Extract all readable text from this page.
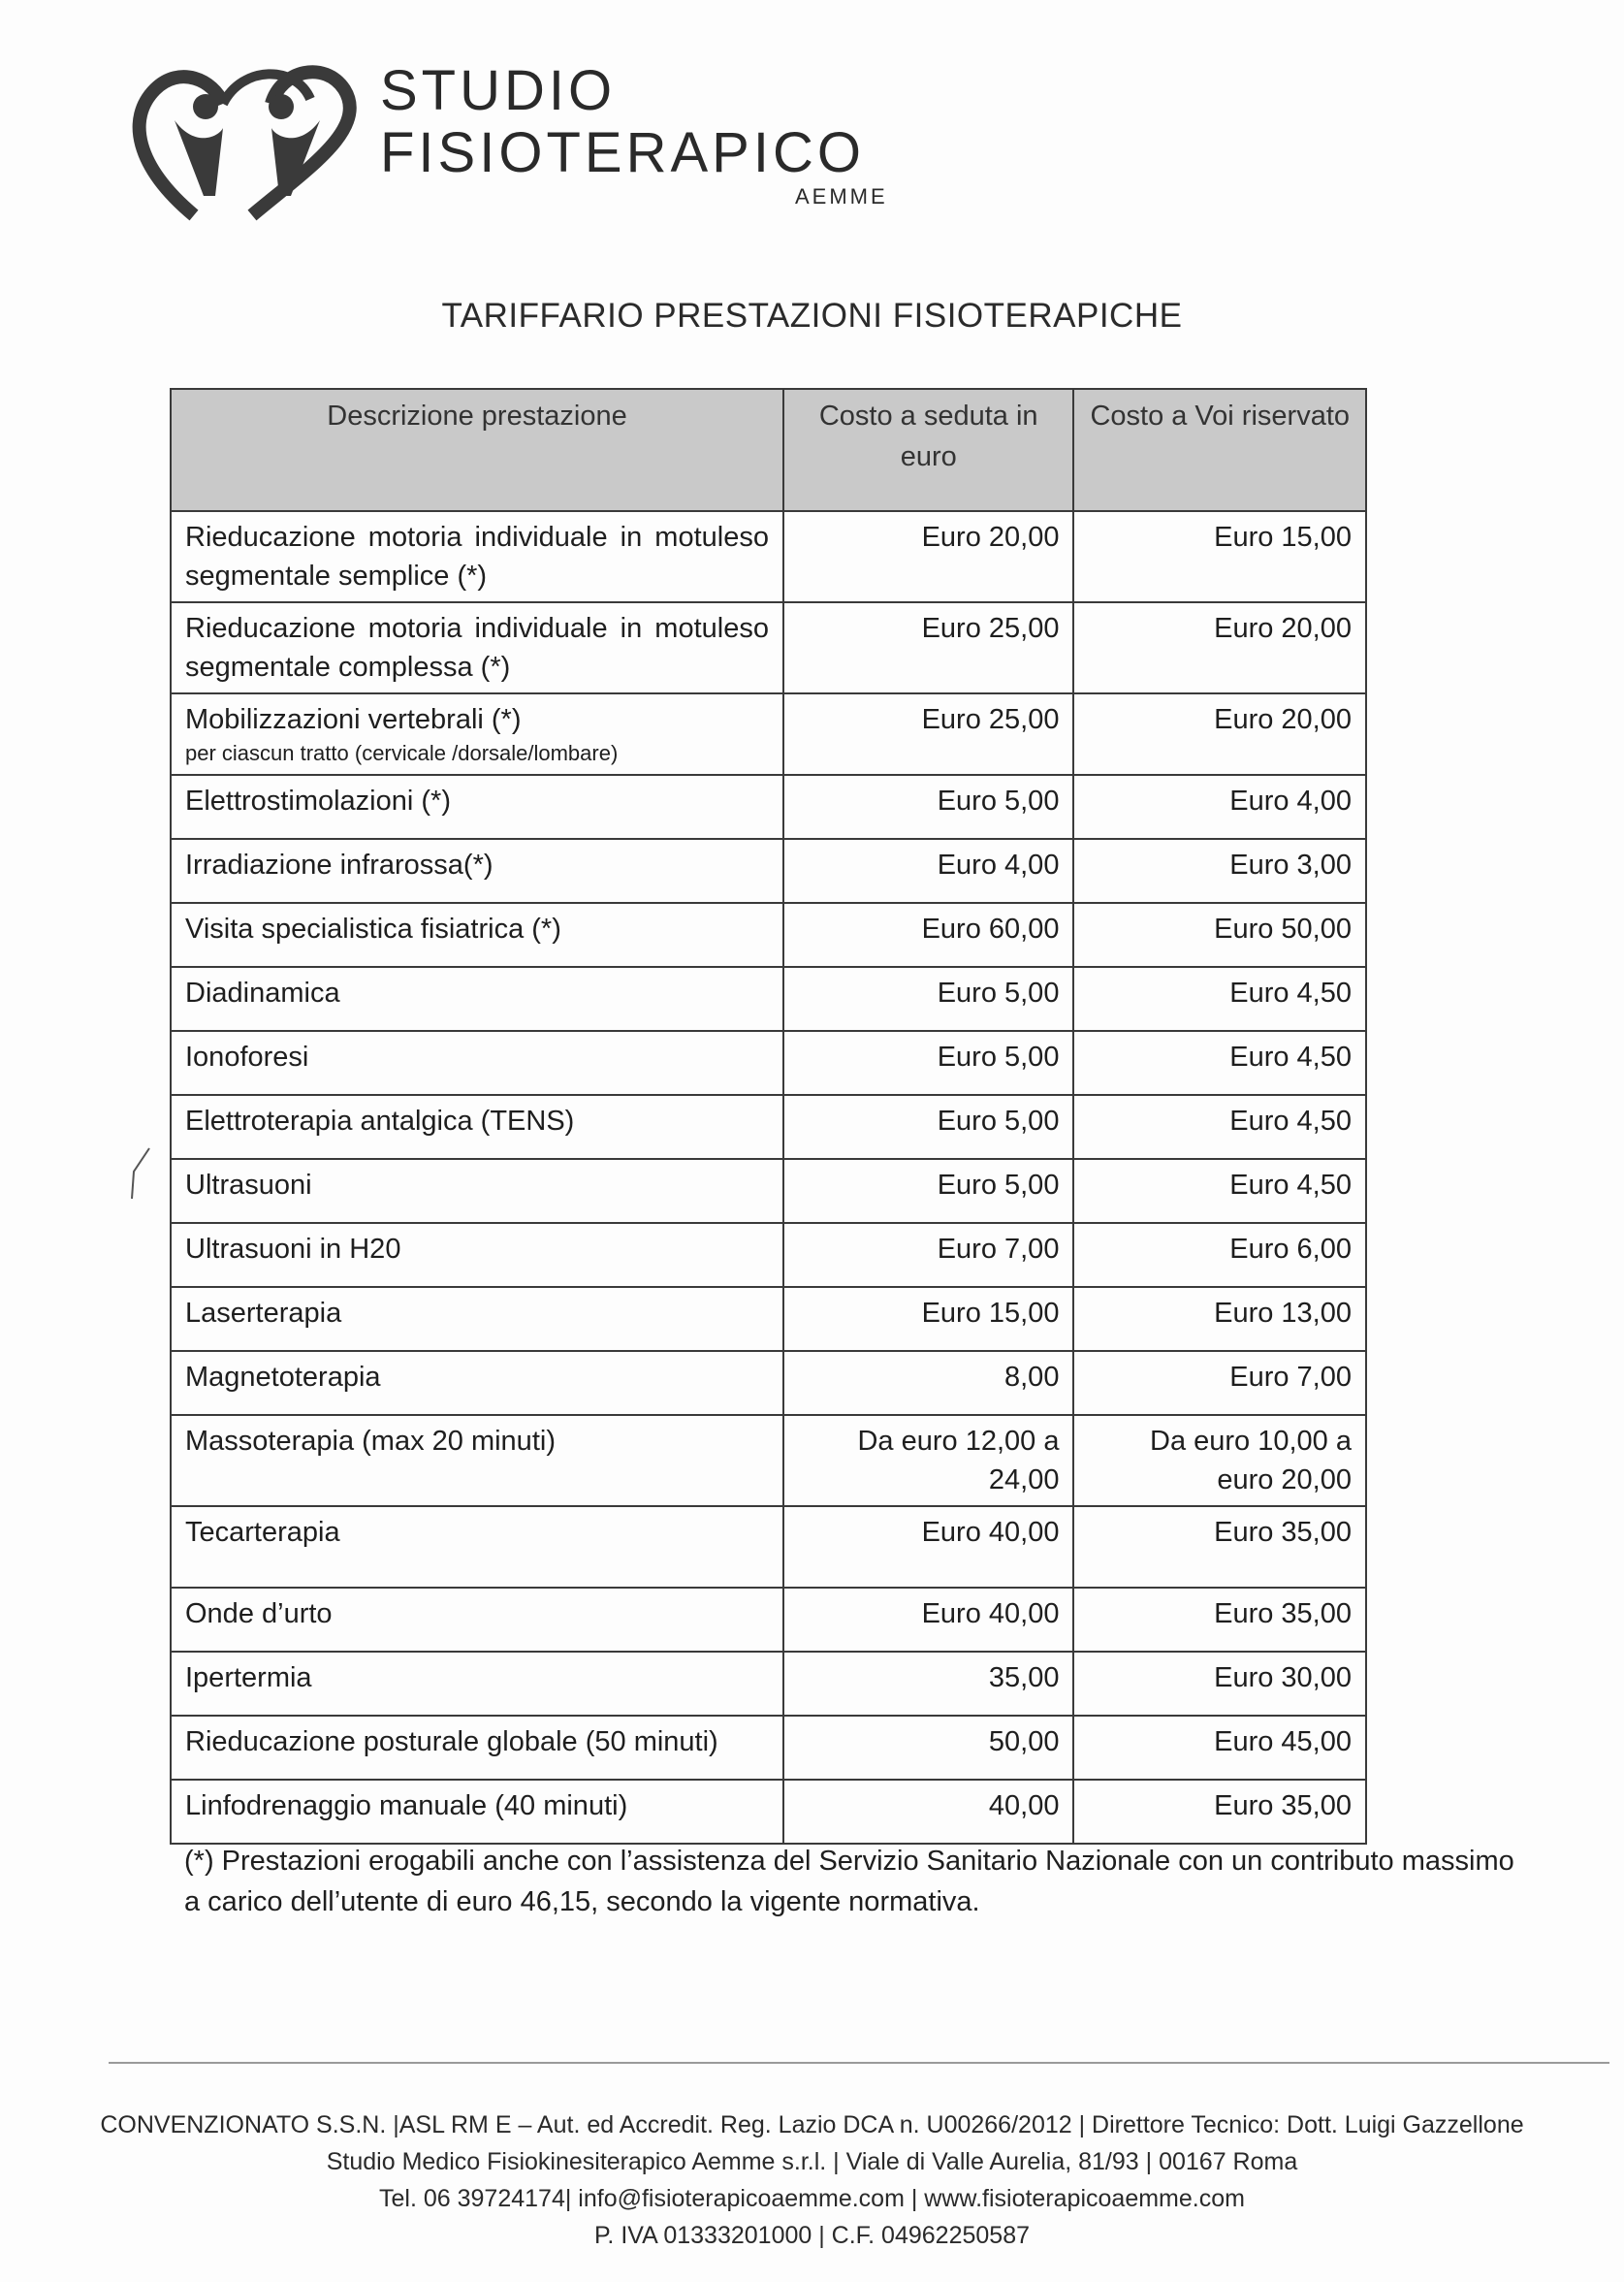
STUDIO
FISIOTERAPICO
AEMME
TARIFFARIO PRESTAZIONI FISIOTERAPICHE
Descrizione prestazione	Costo a seduta in euro	Costo a Voi riservato
Rieducazione motoria individuale in motuleso segmentale semplice (*)	Euro 20,00	Euro 15,00
Rieducazione motoria individuale in motuleso segmentale complessa (*)	Euro 25,00	Euro 20,00
Mobilizzazioni vertebrali (*)
per ciascun tratto (cervicale /dorsale/lombare)	Euro 25,00	Euro 20,00
Elettrostimolazioni (*)	Euro 5,00	Euro 4,00
Irradiazione infrarossa(*)	Euro 4,00	Euro 3,00
Visita specialistica fisiatrica (*)	Euro 60,00	Euro 50,00
Diadinamica	Euro 5,00	Euro 4,50
Ionoforesi	Euro 5,00	Euro 4,50
Elettroterapia antalgica (TENS)	Euro 5,00	Euro 4,50
Ultrasuoni	Euro 5,00	Euro 4,50
Ultrasuoni in H20	Euro 7,00	Euro 6,00
Laserterapia	Euro 15,00	Euro 13,00
Magnetoterapia	8,00	Euro 7,00
Massoterapia (max 20 minuti)	Da euro 12,00 a 24,00	Da euro 10,00 a euro 20,00
Tecarterapia	Euro 40,00	Euro 35,00
Onde d’urto	Euro 40,00	Euro 35,00
Ipertermia	35,00	Euro 30,00
Rieducazione posturale globale (50 minuti)	50,00	Euro 45,00
Linfodrenaggio manuale (40 minuti)	40,00	Euro 35,00
(*) Prestazioni erogabili anche con l’assistenza del Servizio Sanitario Nazionale con un contributo massimo a carico dell’utente di euro 46,15, secondo la vigente normativa.
CONVENZIONATO S.S.N. |ASL RM E – Aut. ed Accredit. Reg. Lazio DCA n. U00266/2012 | Direttore Tecnico: Dott. Luigi Gazzellone
Studio Medico Fisiokinesiterapico Aemme s.r.l. | Viale di Valle Aurelia, 81/93 | 00167 Roma
Tel. 06 39724174| info@fisioterapicoaemme.com | www.fisioterapicoaemme.com
P. IVA 01333201000 | C.F. 04962250587
